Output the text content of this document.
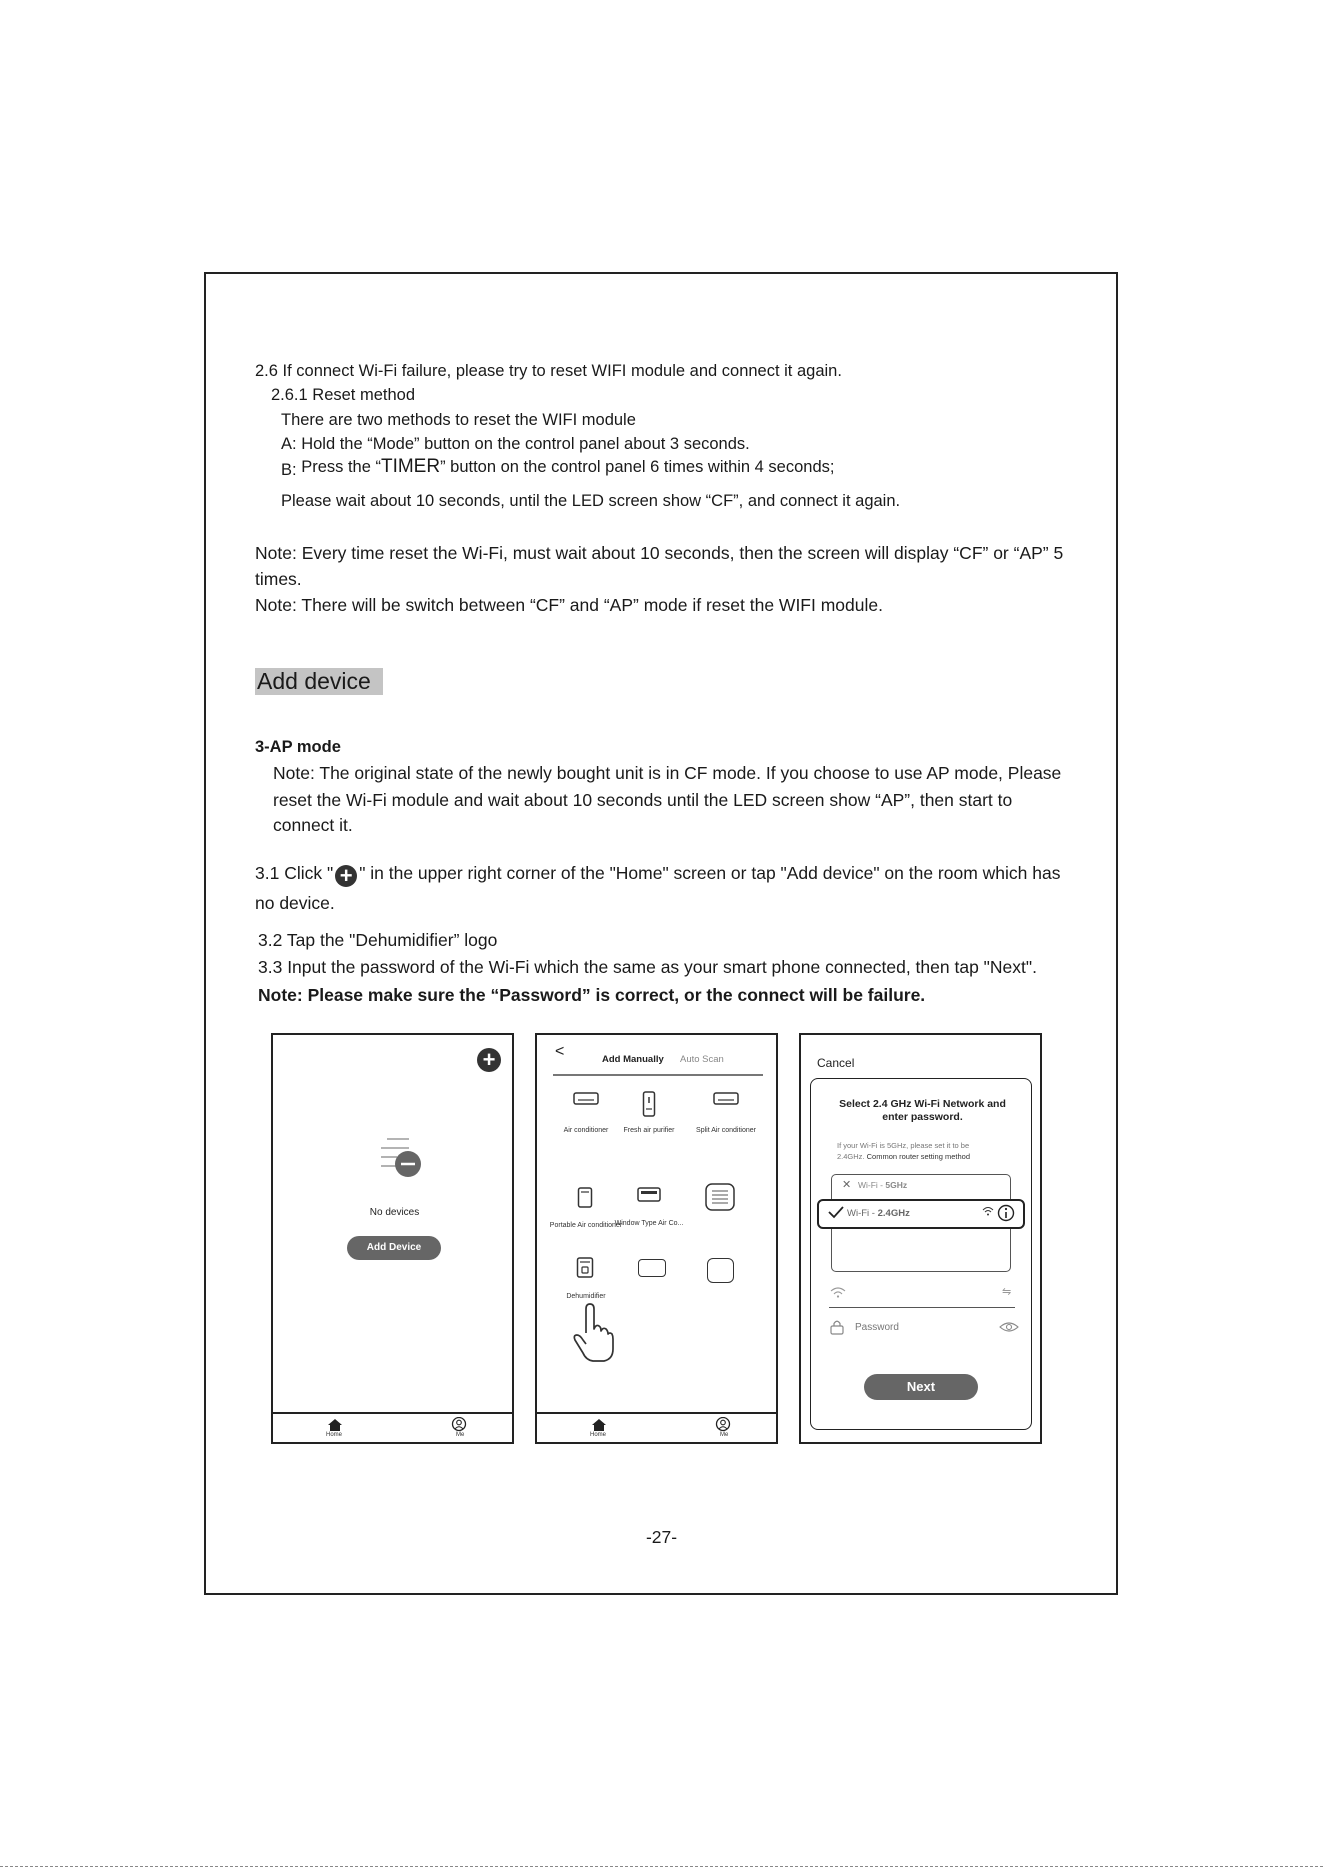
2.6 If connect Wi-Fi failure, please try to reset WIFI module and connect it again.
2.6.1 Reset method
There are two methods to reset the WIFI module
A: Hold the “Mode” button on the control panel about 3 seconds.
B: Press the “TIMER” button on the control panel 6 times within 4 seconds;
Please wait about 10 seconds, until the LED screen show “CF”, and connect it again.
Note: Every time reset the Wi-Fi, must wait about 10 seconds, then the screen will display “CF” or “AP” 5
times.
Note: There will be switch between “CF” and “AP” mode if reset the WIFI module.
Add device
3-AP mode
Note: The original state of the newly bought unit is in CF mode. If you choose to use AP mode, Please
reset the Wi-Fi module and wait about 10 seconds until the LED screen show “AP”, then start to
connect it.
3.1 Click " + " in the upper right corner of the "Home" screen or tap "Add device" on the room which has
no device.
3.2 Tap the "Dehumidifier” logo
3.3 Input the password of the Wi-Fi which the same as your smart phone connected, then tap "Next".
Note: Please make sure the “Password” is correct, or the connect will be failure.
+
No devices
Add Device
Home	Me
<	Add Manually Auto Scan
Air conditioner	Fresh air purifier	Split Air conditioner
Portable Air conditioner
Window Type Air Co...
Dehumidifier
Home	Me
Cancel
Select 2.4 GHz Wi-Fi Network and
enter password.
If your Wi-Fi is 5GHz, please set it to be
2.4GHz. Common router setting method
✕ Wi-Fi - 5GHz
Wi-Fi - 2.4GHz
⇋
Password
Next
-27-
